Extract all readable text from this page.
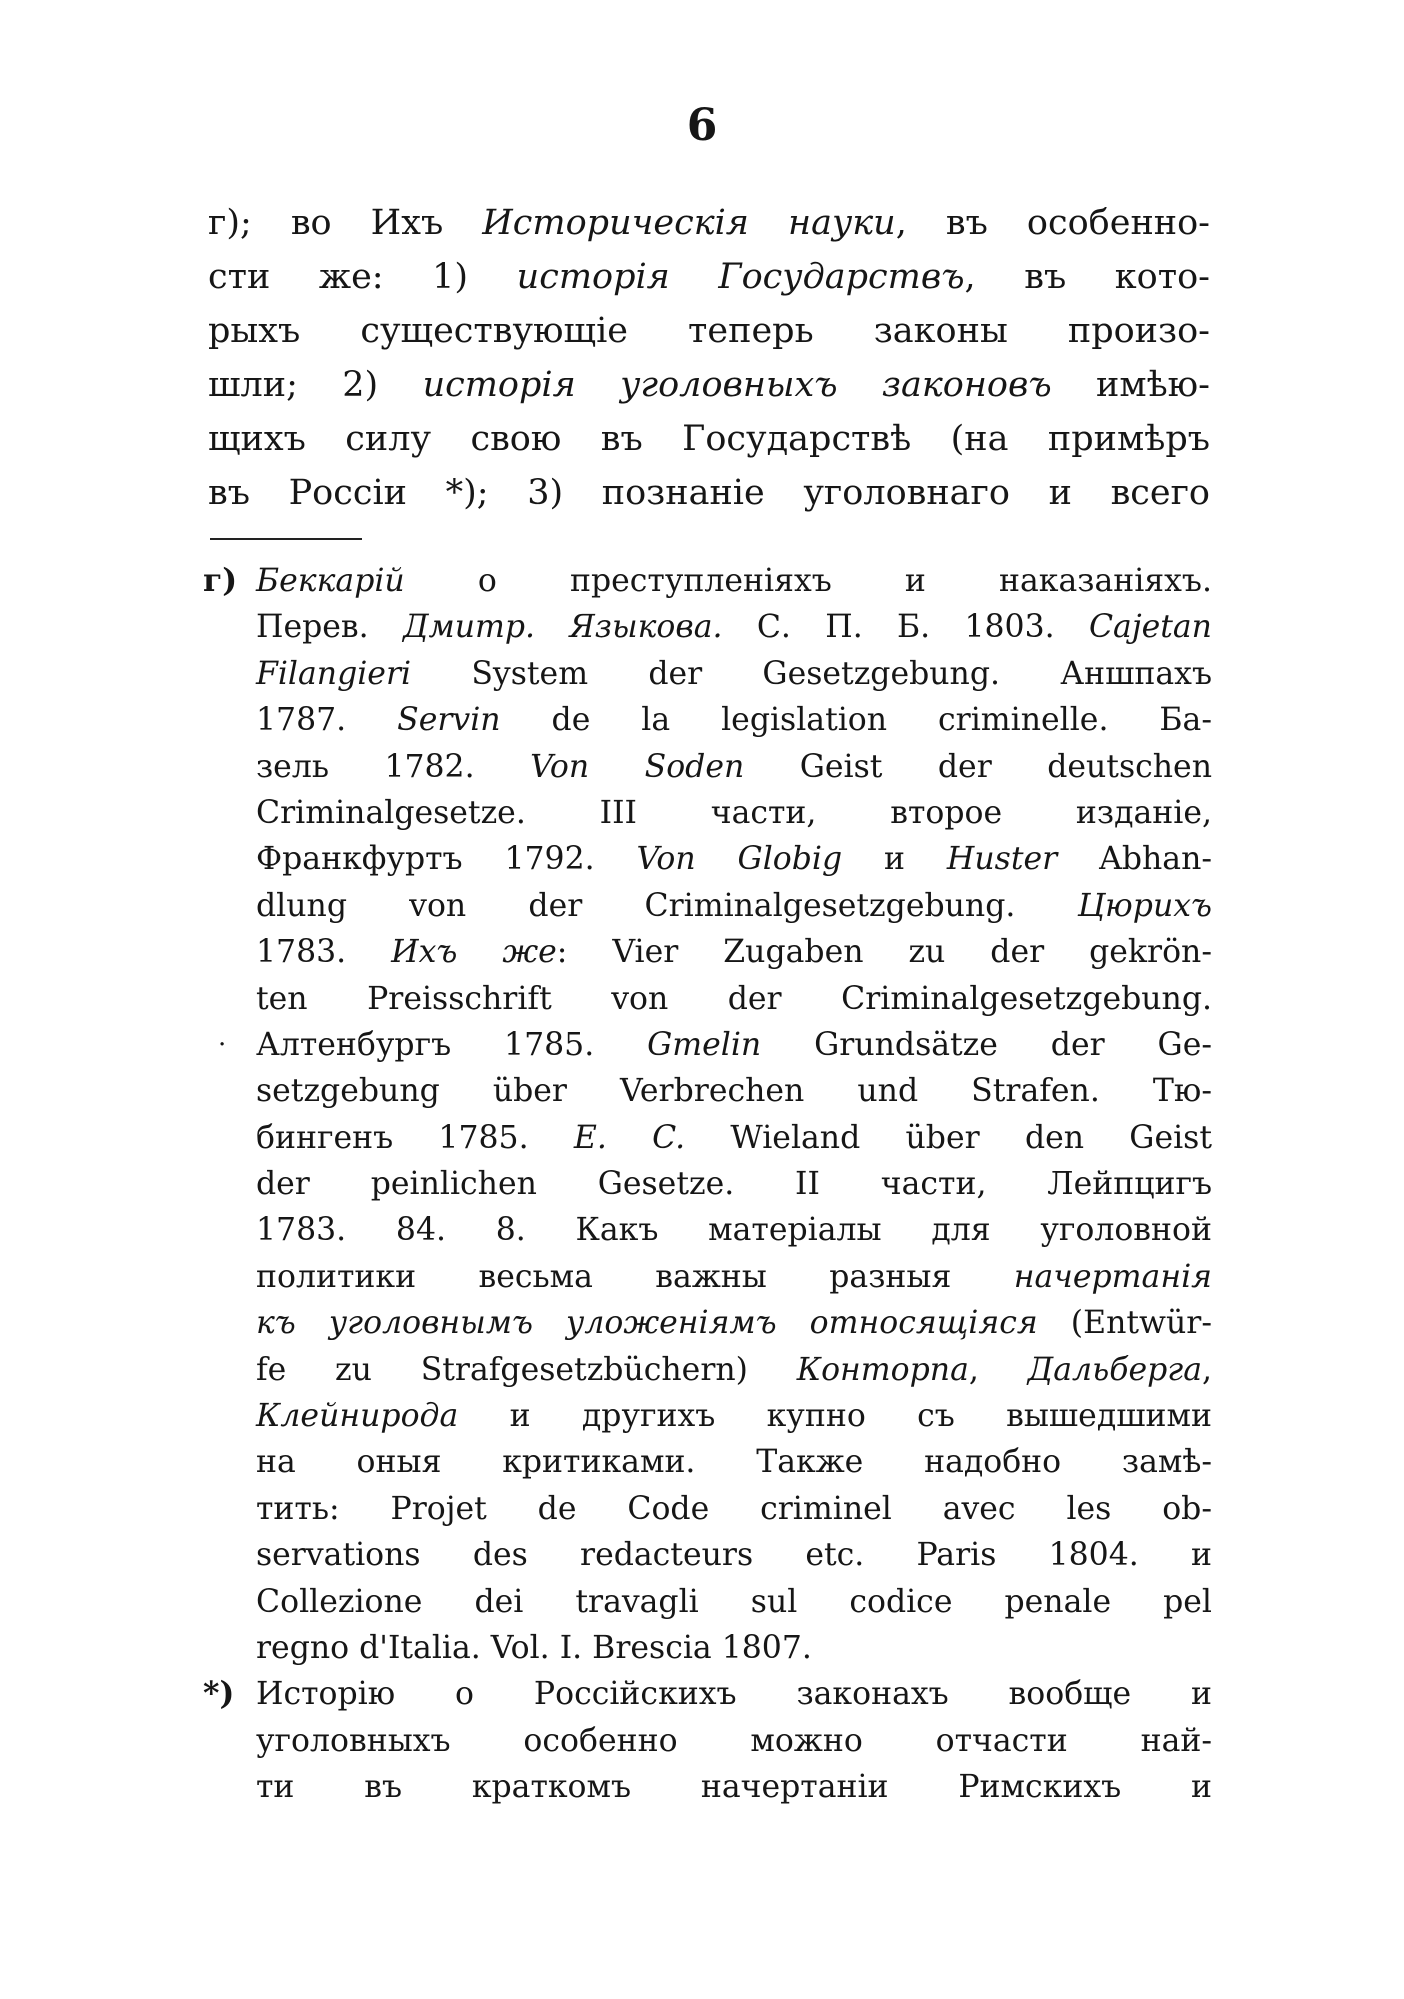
6
г); во Ихъ Историческія науки, въ особенно-
сти же: 1) исторія Государствъ, въ кото-
рыхъ существующіе теперь законы произо-
шли; 2) исторія уголовныхъ законовъ имѣю-
щихъ силу свою въ Государствѣ (на примѣръ
въ Россіи *); 3) познаніе уголовнаго и всего
г) Беккарій о преступленіяхъ и наказаніяхъ.
Перев. Дмитр. Языкова. С. П. Б. 1803. Cajetan
Filangieri System der Gesetzgebung. Аншпахъ
1787. Servin de la legislation criminelle. Ба-
зель 1782. Von Soden Geist der deutschen
Criminalgesetze. III части, второе изданіе,
Франкфуртъ 1792. Von Globig и Huster Abhan-
dlung von der Criminalgesetzgebung. Цюрихъ
1783. Ихъ же: Vier Zugaben zu der gekrön-
ten Preisschrift von der Criminalgesetzgebung.
· Алтенбургъ 1785. Gmelin Grundsätze der Ge-
setzgebung über Verbrechen und Strafen. Тю-
бингенъ 1785. E. C. Wieland über den Geist
der peinlichen Gesetze. II части, Лейпцигъ
1783. 84. 8. Какъ матеріалы для уголовной
политики весьма важны разныя начертанія
къ уголовнымъ уложеніямъ относящіяся (Entwür-
fe zu Strafgesetzbüchern) Конторпа, Дальберга,
Клейнирода и другихъ купно съ вышедшими
на оныя критиками. Также надобно замѣ-
тить: Projet de Code criminel avec les ob-
servations des redacteurs etc. Paris 1804. и
Collezione dei travagli sul codice penale pel
regno d'Italia. Vol. I. Brescia 1807.
*) Исторію о Россійскихъ законахъ вообще и
уголовныхъ особенно можно отчасти най-
ти въ краткомъ начертаніи Римскихъ и
